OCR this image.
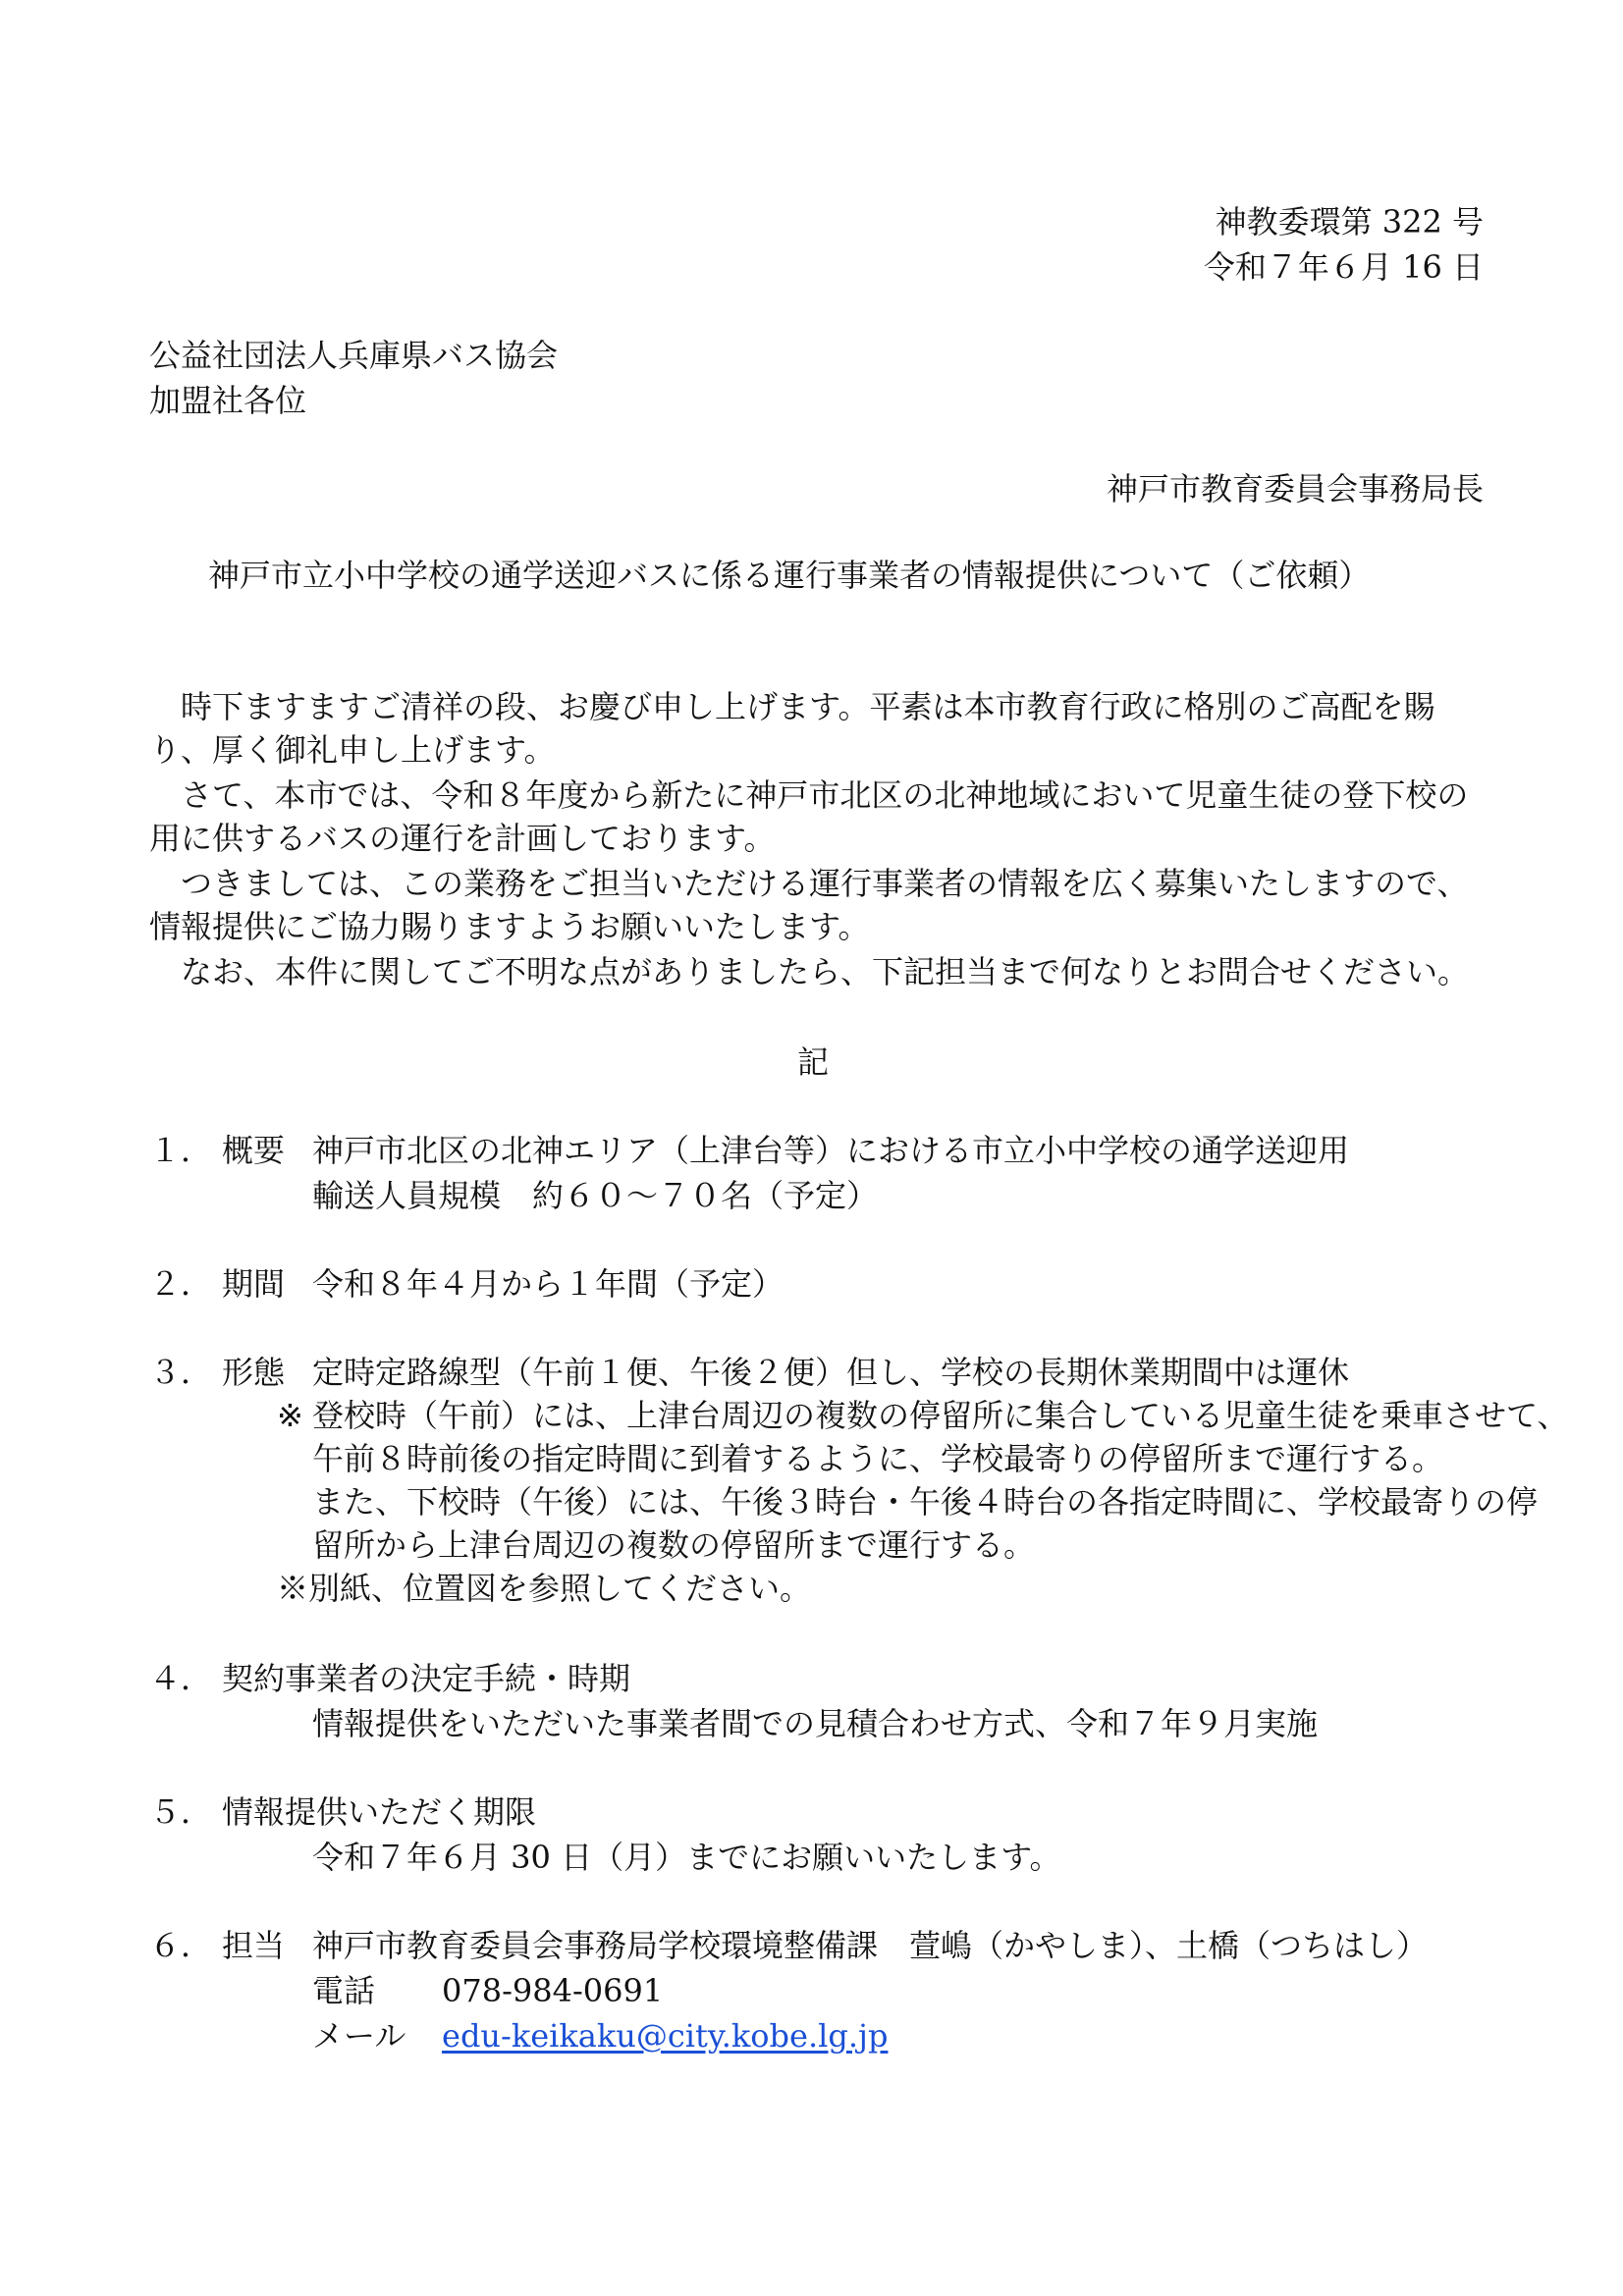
神教委環第 322 号
令和７年６月 16 日
公益社団法人兵庫県バス協会
加盟社各位
神戸市教育委員会事務局長
神戸市立小中学校の通学送迎バスに係る運行事業者の情報提供について（ご依頼）
　時下ますますご清祥の段、お慶び申し上げます。平素は本市教育行政に格別のご高配を賜り、厚く御礼申し上げます。
　さて、本市では、令和８年度から新たに神戸市北区の北神地域において児童生徒の登下校の用に供するバスの運行を計画しております。
　つきましては、この業務をご担当いただける運行事業者の情報を広く募集いたしますので、情報提供にご協力賜りますようお願いいたします。
　なお、本件に関してご不明な点がありましたら、下記担当まで何なりとお問合せください。
記
１． 概要 神戸市北区の北神エリア（上津台等）における市立小中学校の通学送迎用
輸送人員規模　約６０～７０名（予定）
２． 期間 令和８年４月から１年間（予定）
３． 形態 定時定路線型（午前１便、午後２便）但し、学校の長期休業期間中は運休
※ 登校時（午前）には、上津台周辺の複数の停留所に集合している児童生徒を乗車させて、
午前８時前後の指定時間に到着するように、学校最寄りの停留所まで運行する。
また、下校時（午後）には、午後３時台・午後４時台の各指定時間に、学校最寄りの停
留所から上津台周辺の複数の停留所まで運行する。
※別紙、位置図を参照してください。
４． 契約事業者の決定手続・時期
情報提供をいただいた事業者間での見積合わせ方式、令和７年９月実施
５． 情報提供いただく期限
令和７年６月 30 日（月）までにお願いいたします。
６． 担当 神戸市教育委員会事務局学校環境整備課　萱嶋（かやしま）、土橋（つちはし）
電話 078-984-0691
メール edu-keikaku@city.kobe.lg.jp
